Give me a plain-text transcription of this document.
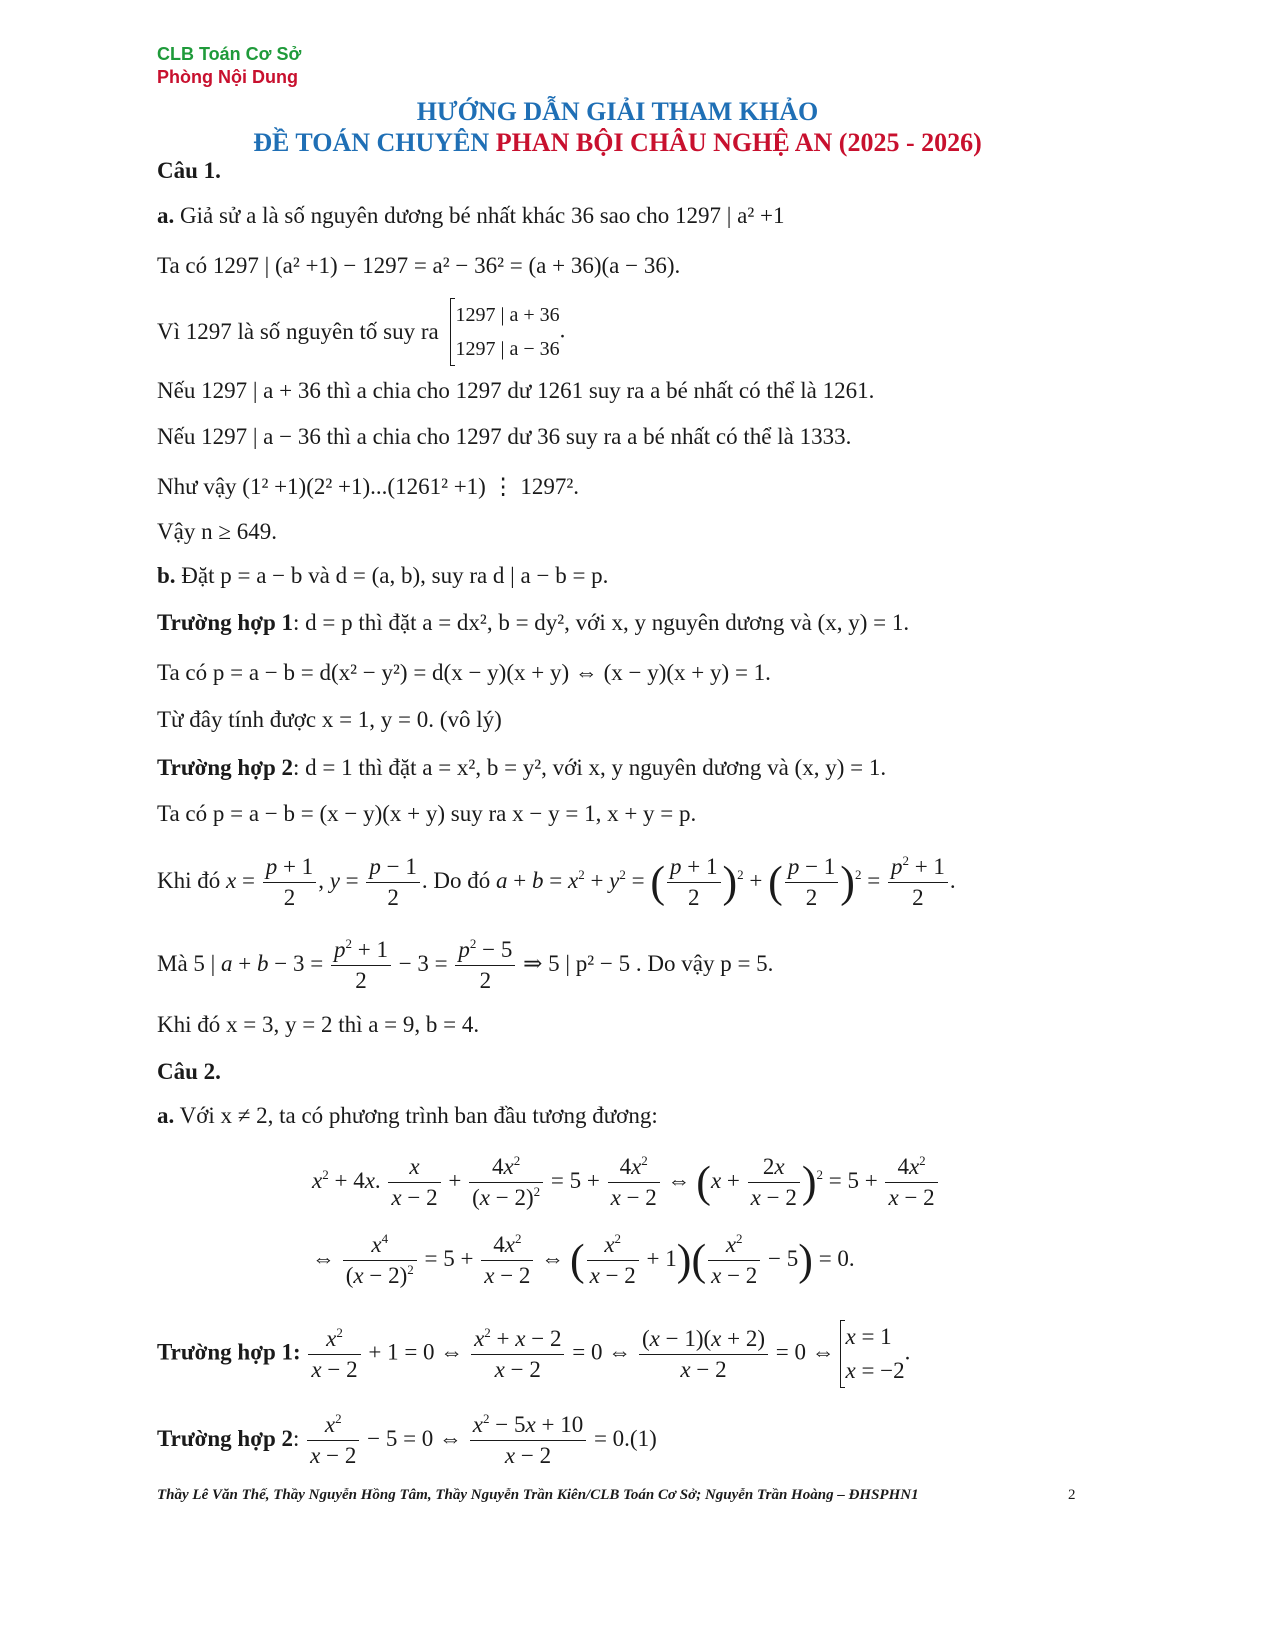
CLB Toán Cơ Sở
Phòng Nội Dung
HƯỚNG DẪN GIẢI THAM KHẢO
ĐỀ TOÁN CHUYÊN PHAN BỘI CHÂU NGHỆ AN (2025 - 2026)
Câu 1.
a. Giả sử a là số nguyên dương bé nhất khác 36 sao cho 1297 | a² +1
Ta có 1297 | (a² +1) − 1297 = a² − 36² = (a + 36)(a − 36).
Vì 1297 là số nguyên tố suy ra
1297 | a + 36
1297 | a − 36
.
Nếu 1297 | a + 36 thì a chia cho 1297 dư 1261 suy ra a bé nhất có thể là 1261.
Nếu 1297 | a − 36 thì a chia cho 1297 dư 36 suy ra a bé nhất có thể là 1333.
Như vậy (1² +1)(2² +1)...(1261² +1) ⋮ 1297².
Vậy n ≥ 649.
b. Đặt p = a − b và d = (a, b), suy ra d | a − b = p.
Trường hợp 1: d = p thì đặt a = dx², b = dy², với x, y nguyên dương và (x, y) = 1.
Ta có p = a − b = d(x² − y²) = d(x − y)(x + y) ⇔ (x − y)(x + y) = 1.
Từ đây tính được x = 1, y = 0. (vô lý)
Trường hợp 2: d = 1 thì đặt a = x², b = y², với x, y nguyên dương và (x, y) = 1.
Ta có p = a − b = (x − y)(x + y) suy ra x − y = 1, x + y = p.
Khi đó $x = \frac{p + 1}{2}$ , $y = \frac{p - 1}{2}$ . Do đó $a + b = x^2 + y^2$ = ( $\frac{p + 1}{2} )^2$ + ( $\frac{p - 1}{2} )^2 = \frac{p^2 + 1}{2}$ .
Mà 5 | $a + b - 3 = \frac{p^2 + 1}{2} - 3 = \frac{p^2 - 5}{2}$ ⇒ 5 | p² − 5 . Do vậy p = 5.
Khi đó x = 3, y = 2 thì a = 9, b = 4.
Câu 2.
a. Với x ≠ 2, ta có phương trình ban đầu tương đương:
$x^2 + 4x$. $\frac{x}{x - 2} + \frac{4x^2}{(x - 2)^2} = 5 + \frac{4x^2}{x - 2}$ ⇔ $(x + \frac{2x}{x - 2} )^2 = 5 + \frac{4x^2}{x - 2}$
⇔ $\frac{x^4}{(x - 2)^2} = 5 + \frac{4x^2}{x - 2}$ ⇔ ( $\frac{x^2}{x - 2} + 1)( \frac{x^2}{x - 2} - 5) = 0$.
Trường hợp 1: $\frac{x^2}{x - 2} + 1 = 0$ ⇔ $\frac{x^2 + x - 2}{x - 2} = 0$ ⇔ $\frac{(x - 1)(x + 2)}{x - 2} = 0$ ⇔
x = 1
x = −2
.
Trường hợp 2: $\frac{x^2}{x - 2} - 5 = 0$ ⇔ $\frac{x^2 - 5x + 10}{x - 2} = 0.(1)$
Thầy Lê Văn Thế, Thầy Nguyễn Hồng Tâm, Thầy Nguyễn Trần Kiên/CLB Toán Cơ Sở; Nguyễn Trần Hoàng – ĐHSPHN1	2
